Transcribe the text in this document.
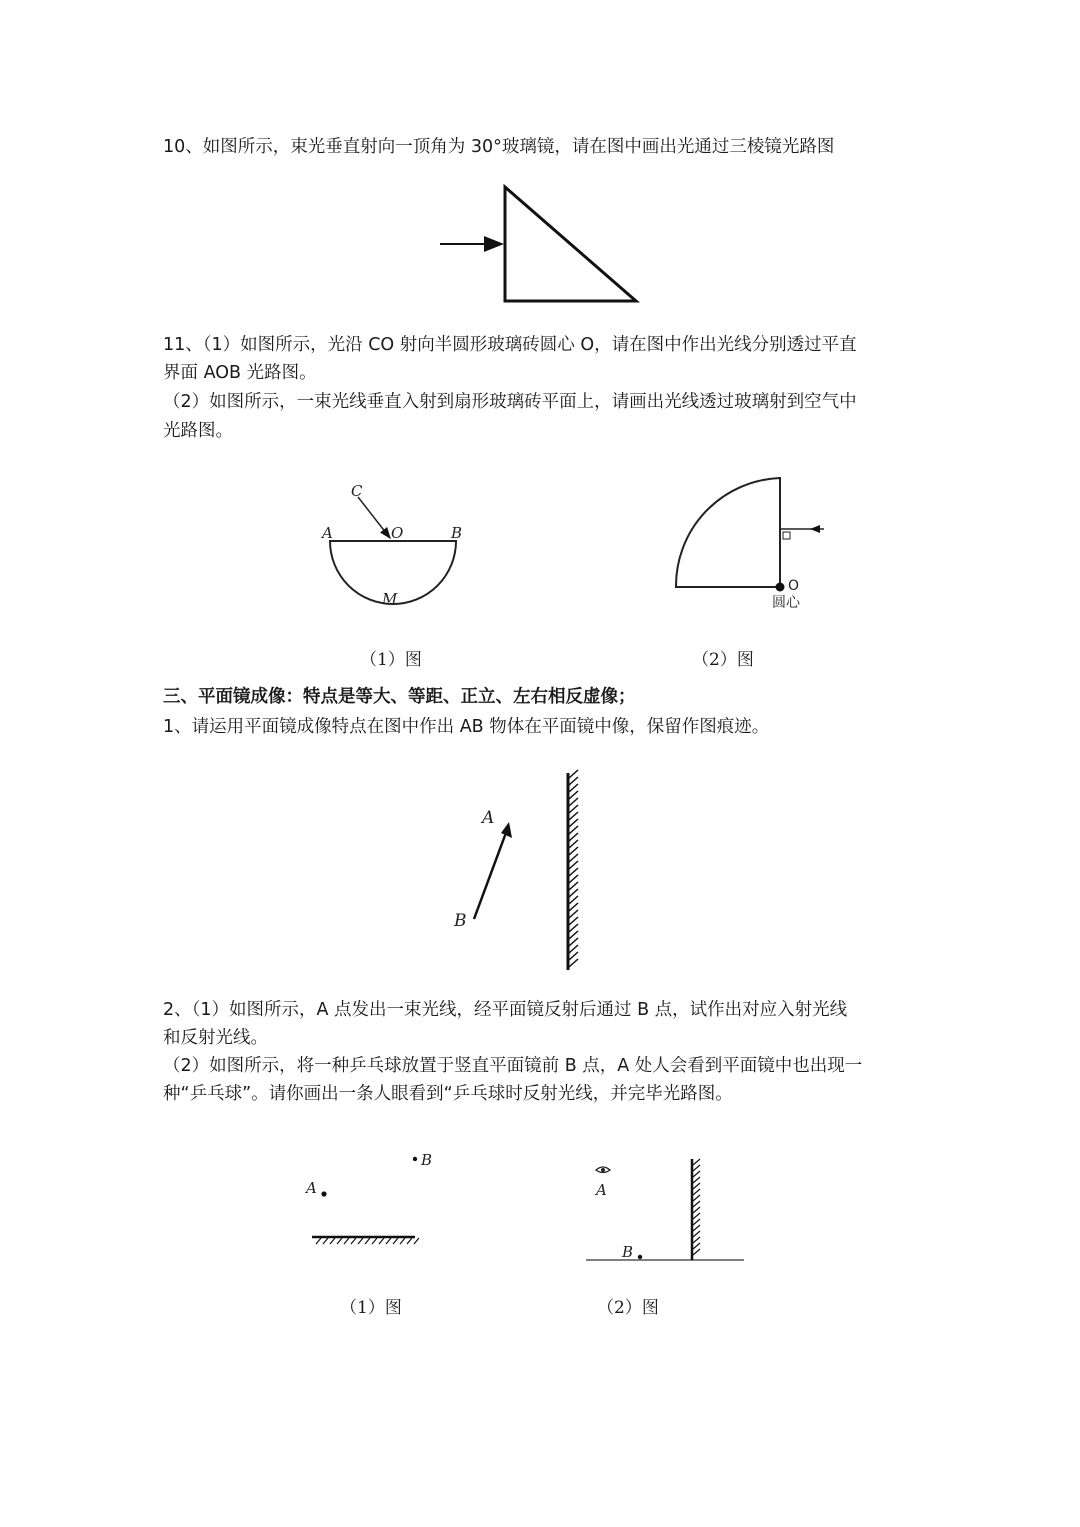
10、如图所示，束光垂直射向一顶角为 30°玻璃镜，请在图中画出光通过三棱镜光路图
11、（1）如图所示，光沿 CO 射向半圆形玻璃砖圆心 O，请在图中作出光线分别透过平直
界面 AOB 光路图。
（2）如图所示，一束光线垂直入射到扇形玻璃砖平面上，请画出光线透过玻璃射到空气中
光路图。
C
A	O	B
M
（1）图
O
圆心
（2）图
三、平面镜成像：特点是等大、等距、正立、左右相反虚像；
1、请运用平面镜成像特点在图中作出 AB 物体在平面镜中像，保留作图痕迹。
A
B
2、（1）如图所示，A 点发出一束光线，经平面镜反射后通过 B 点，试作出对应入射光线
和反射光线。
（2）如图所示，将一种乒乓球放置于竖直平面镜前 B 点，A 处人会看到平面镜中也出现一
种“乒乓球”。请你画出一条人眼看到“乒乓球时反射光线，并完毕光路图。
B
A
（1）图
A
B
（2）图
